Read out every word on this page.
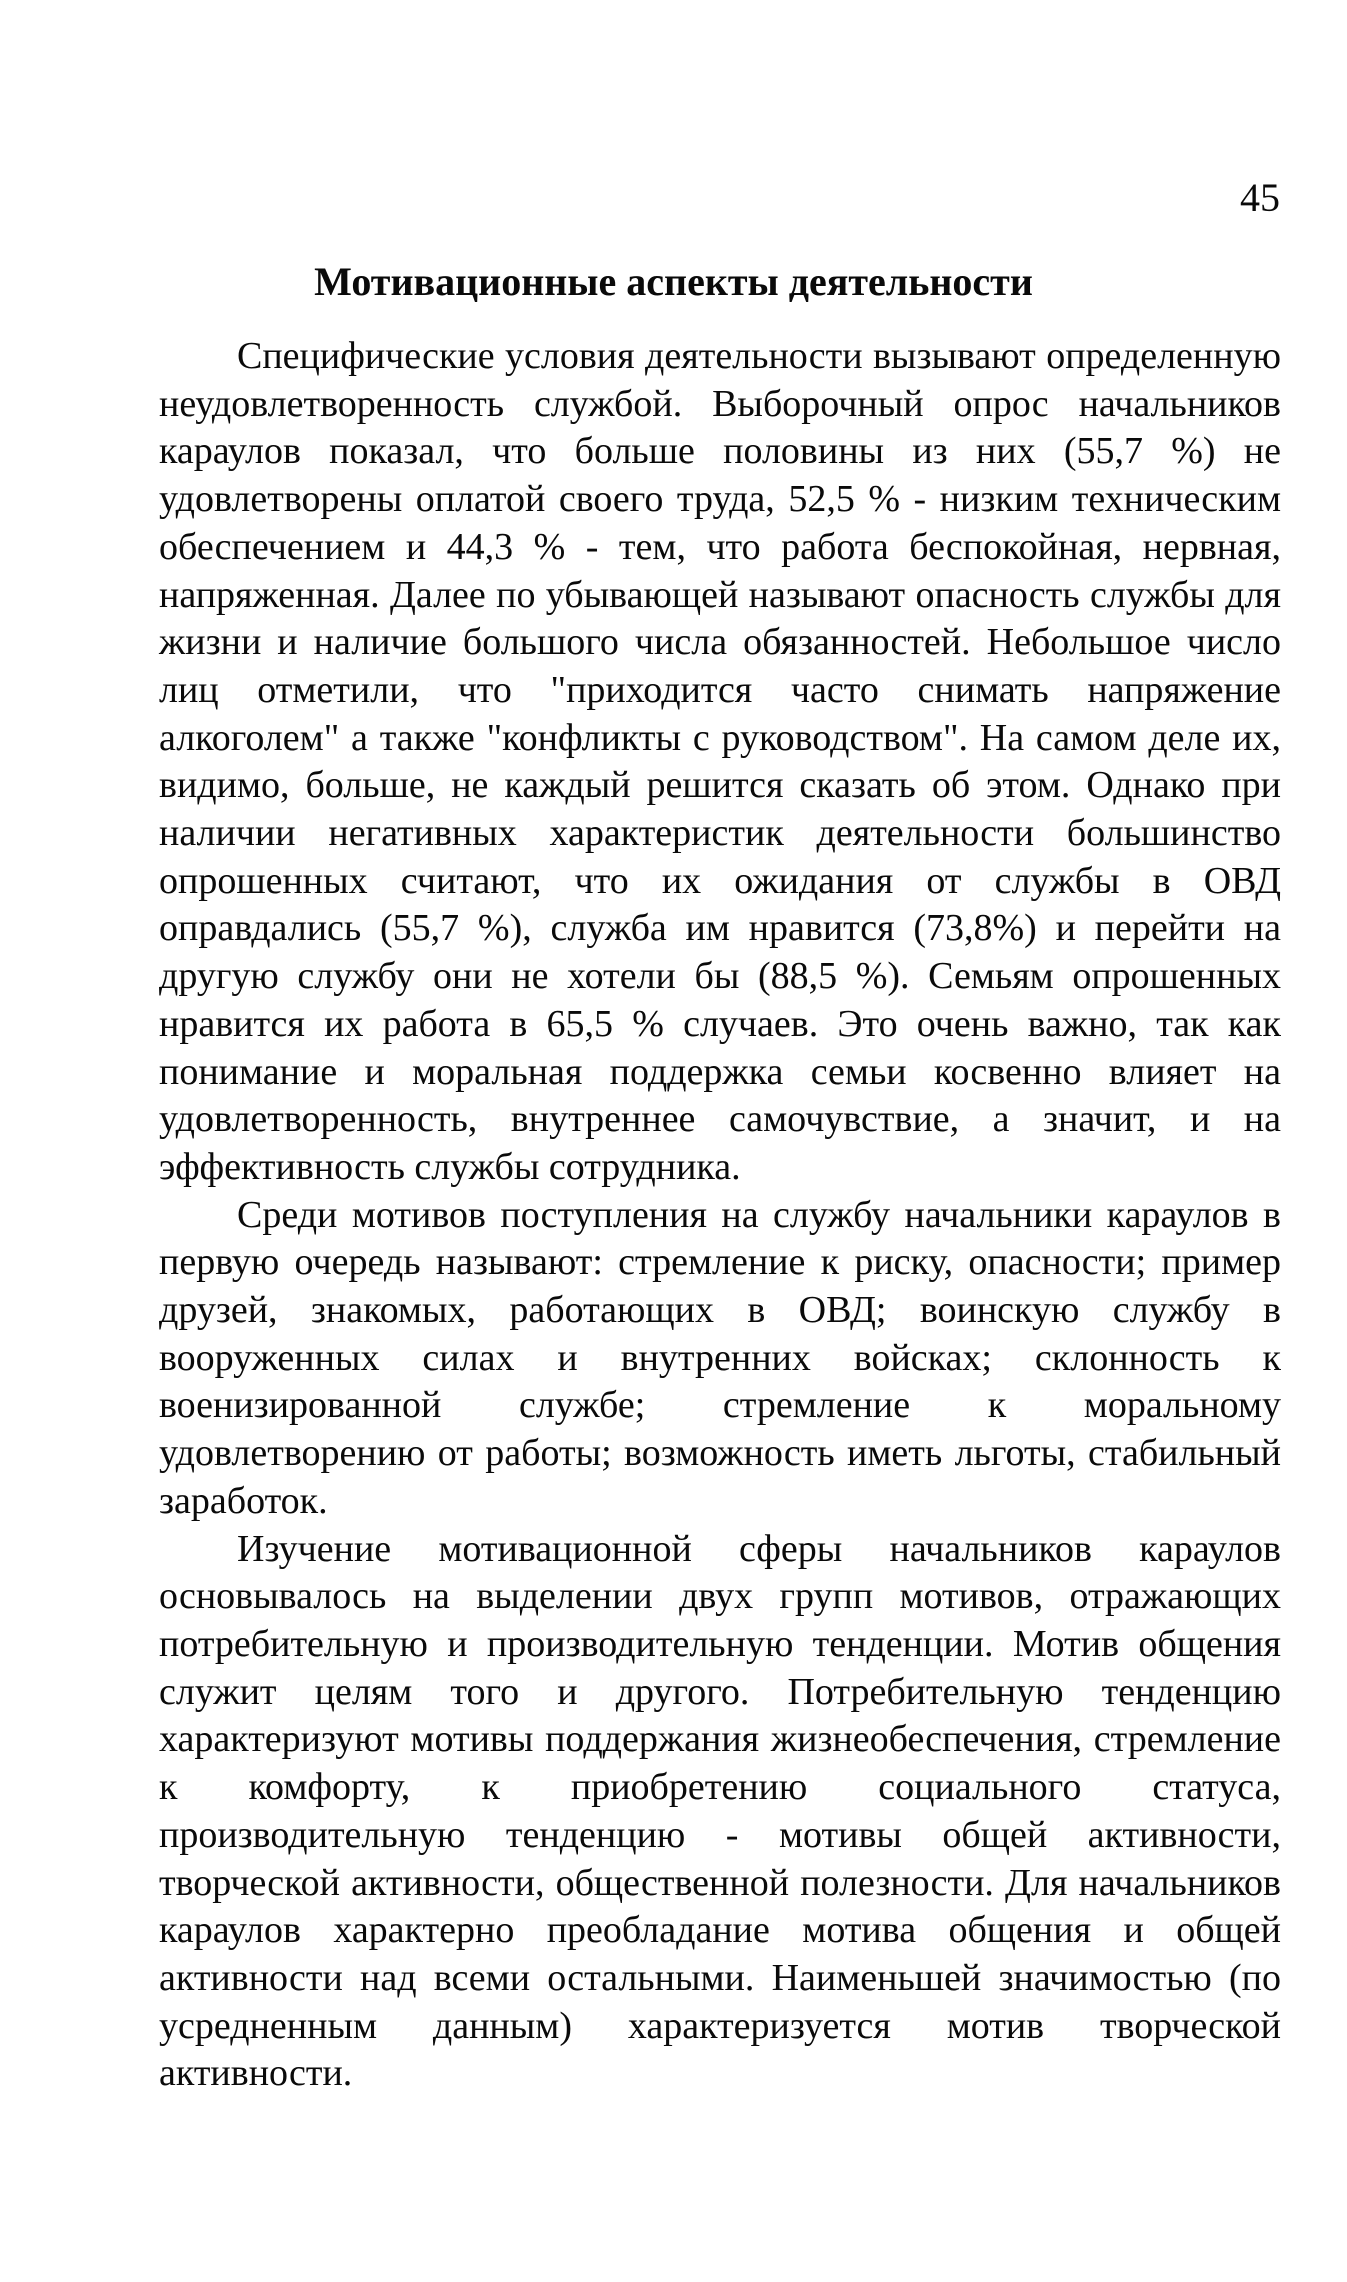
45
Мотивационные аспекты деятельности

Специфические условия деятельности вызывают определенную неудовлетворенность службой. Выборочный опрос начальников караулов показал, что больше половины из них (55,7 %) не удовлетворены оплатой своего труда, 52,5 % - низким техническим обеспечением и 44,3 % - тем, что работа беспокойная, нервная, напряженная. Далее по убывающей называют опасность службы для жизни и наличие большого числа обязанностей. Небольшое число лиц отметили, что "приходится часто снимать напряжение алкоголем" а также "конфликты с руководством". На самом деле их, видимо, больше, не каждый решится сказать об этом. Однако при наличии негативных характеристик деятельности большинство опрошенных считают, что их ожидания от службы в ОВД оправдались (55,7 %), служба им нравится (73,8%) и перейти на другую службу они не хотели бы (88,5 %). Семьям опрошенных нравится их работа в 65,5 % случаев. Это очень важно, так как понимание и моральная поддержка семьи косвенно влияет на удовлетворенность, внутреннее самочувствие, а значит, и на эффективность службы сотрудника.

Среди мотивов поступления на службу начальники караулов в первую очередь называют: стремление к риску, опасности; пример друзей, знакомых, работающих в ОВД; воинскую службу в вооруженных силах и внутренних войсках; склонность к военизированной службе; стремление к моральному удовлетворению от работы; возможность иметь льготы, стабильный заработок.

Изучение мотивационной сферы начальников караулов основывалось на выделении двух групп мотивов, отражающих потребительную и производительную тенденции. Мотив общения служит целям того и другого. Потребительную тенденцию характеризуют мотивы поддержания жизнеобеспечения, стремление к комфорту, к приобретению социального статуса, производительную тенденцию - мотивы общей активности, творческой активности, общественной полезности. Для начальников караулов характерно преобладание мотива общения и общей активности над всеми остальными. Наименьшей значимостью (по усредненным данным) характеризуется мотив творческой активности.
